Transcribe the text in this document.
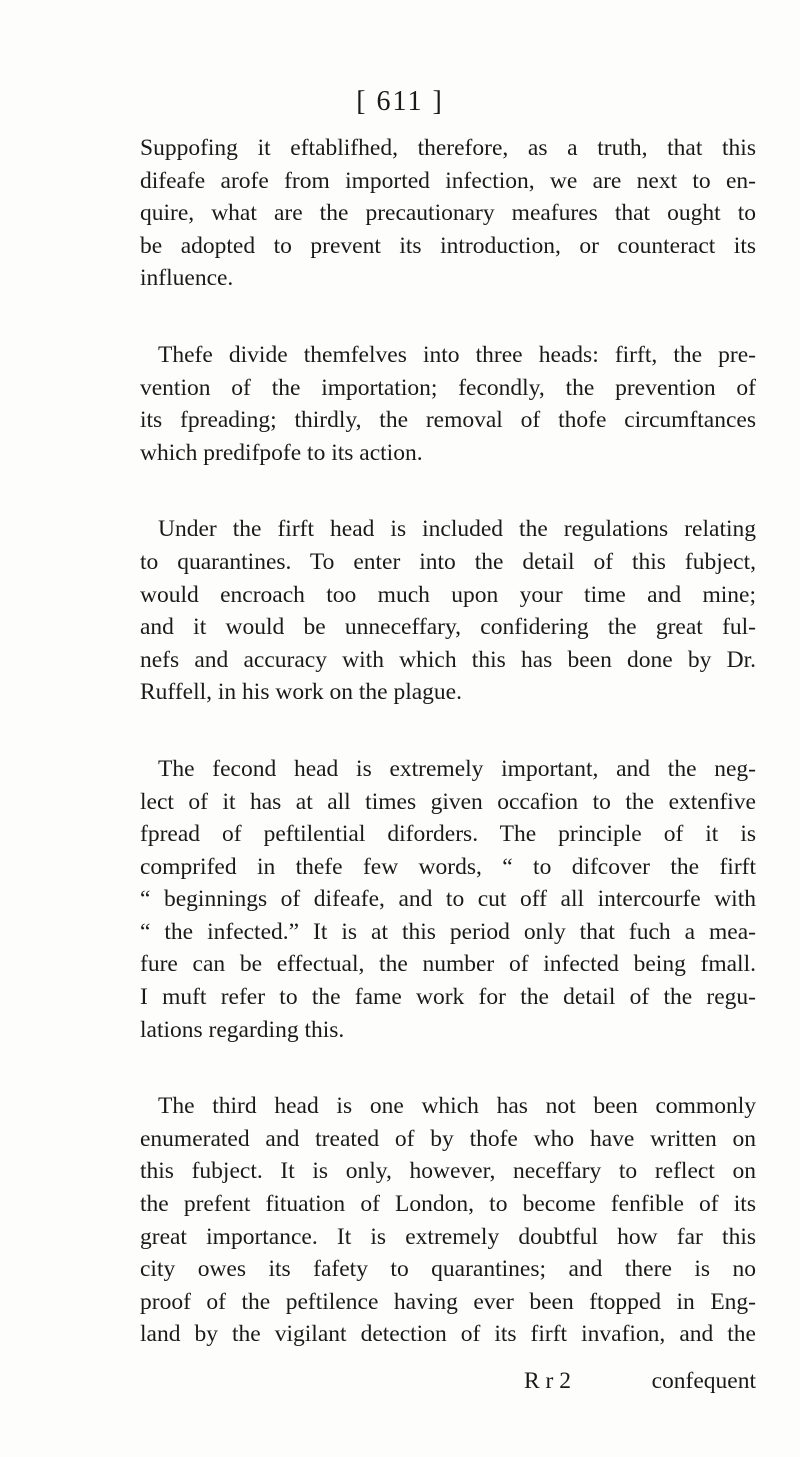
[ 611 ]

Suppofing it eftablifhed, therefore, as a truth, that this
difeafe arofe from imported infection, we are next to en-
quire, what are the precautionary meafures that ought to
be adopted to prevent its introduction, or counteract its
influence.

Thefe divide themfelves into three heads: firft, the pre-
vention of the importation; fecondly, the prevention of
its fpreading; thirdly, the removal of thofe circumftances
which predifpofe to its action.

Under the firft head is included the regulations relating
to quarantines. To enter into the detail of this fubject,
would encroach too much upon your time and mine;
and it would be unneceffary, confidering the great ful-
nefs and accuracy with which this has been done by Dr.
Ruffell, in his work on the plague.

The fecond head is extremely important, and the neg-
lect of it has at all times given occafion to the extenfive
fpread of peftilential diforders. The principle of it is
comprifed in thefe few words, “ to difcover the firft
“ beginnings of difeafe, and to cut off all intercourfe with
“ the infected.” It is at this period only that fuch a mea-
fure can be effectual, the number of infected being fmall.
I muft refer to the fame work for the detail of the regu-
lations regarding this.

The third head is one which has not been commonly
enumerated and treated of by thofe who have written on
this fubject. It is only, however, neceffary to reflect on
the prefent fituation of London, to become fenfible of its
great importance. It is extremely doubtful how far this
city owes its fafety to quarantines; and there is no
proof of the peftilence having ever been ftopped in Eng-
land by the vigilant detection of its firft invafion, and the

R r 2	confequent
